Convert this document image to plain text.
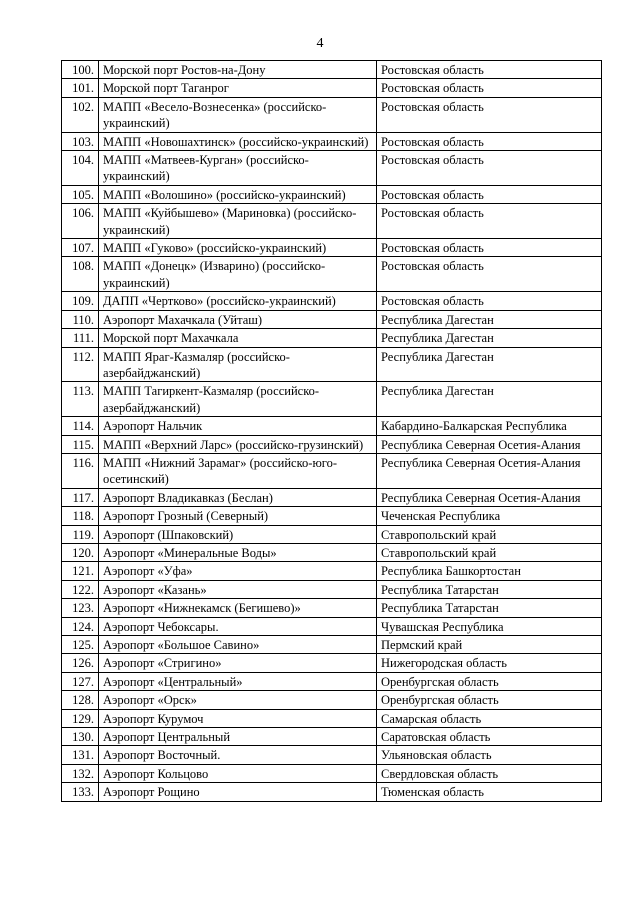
4
100.	Морской порт Ростов-на-Дону	Ростовская область
101.	Морской порт Таганрог	Ростовская область
102.	МАПП «Весело-Вознесенка» (российско-украинский)	Ростовская область
103.	МАПП «Новошахтинск» (российско-украинский)	Ростовская область
104.	МАПП «Матвеев-Курган» (российско-украинский)	Ростовская область
105.	МАПП «Волошино» (российско-украинский)	Ростовская область
106.	МАПП «Куйбышево» (Мариновка) (российско-украинский)	Ростовская область
107.	МАПП «Гуково» (российско-украинский)	Ростовская область
108.	МАПП «Донецк» (Изварино) (российско-украинский)	Ростовская область
109.	ДАПП «Чертково» (российско-украинский)	Ростовская область
110.	Аэропорт Махачкала (Уйташ)	Республика Дагестан
111.	Морской порт Махачкала	Республика Дагестан
112.	МАПП Яраг-Казмаляр (российско-азербайджанский)	Республика Дагестан
113.	МАПП Тагиркент-Казмаляр (российско-азербайджанский)	Республика Дагестан
114.	Аэропорт Нальчик	Кабардино-Балкарская Республика
115.	МАПП «Верхний Ларс» (российско-грузинский)	Республика Северная Осетия-Алания
116.	МАПП «Нижний Зарамаг» (российско-юго-осетинский)	Республика Северная Осетия-Алания
117.	Аэропорт Владикавказ (Беслан)	Республика Северная Осетия-Алания
118.	Аэропорт Грозный (Северный)	Чеченская Республика
119.	Аэропорт (Шпаковский)	Ставропольский край
120.	Аэропорт «Минеральные Воды»	Ставропольский край
121.	Аэропорт «Уфа»	Республика Башкортостан
122.	Аэропорт «Казань»	Республика Татарстан
123.	Аэропорт «Нижнекамск (Бегишево)»	Республика Татарстан
124.	Аэропорт Чебоксары.	Чувашская Республика
125.	Аэропорт «Большое Савино»	Пермский край
126.	Аэропорт «Стригино»	Нижегородская область
127.	Аэропорт «Центральный»	Оренбургская область
128.	Аэропорт «Орск»	Оренбургская область
129.	Аэропорт Курумоч	Самарская область
130.	Аэропорт Центральный	Саратовская область
131.	Аэропорт Восточный.	Ульяновская область
132.	Аэропорт Кольцово	Свердловская область
133.	Аэропорт Рощино	Тюменская область
